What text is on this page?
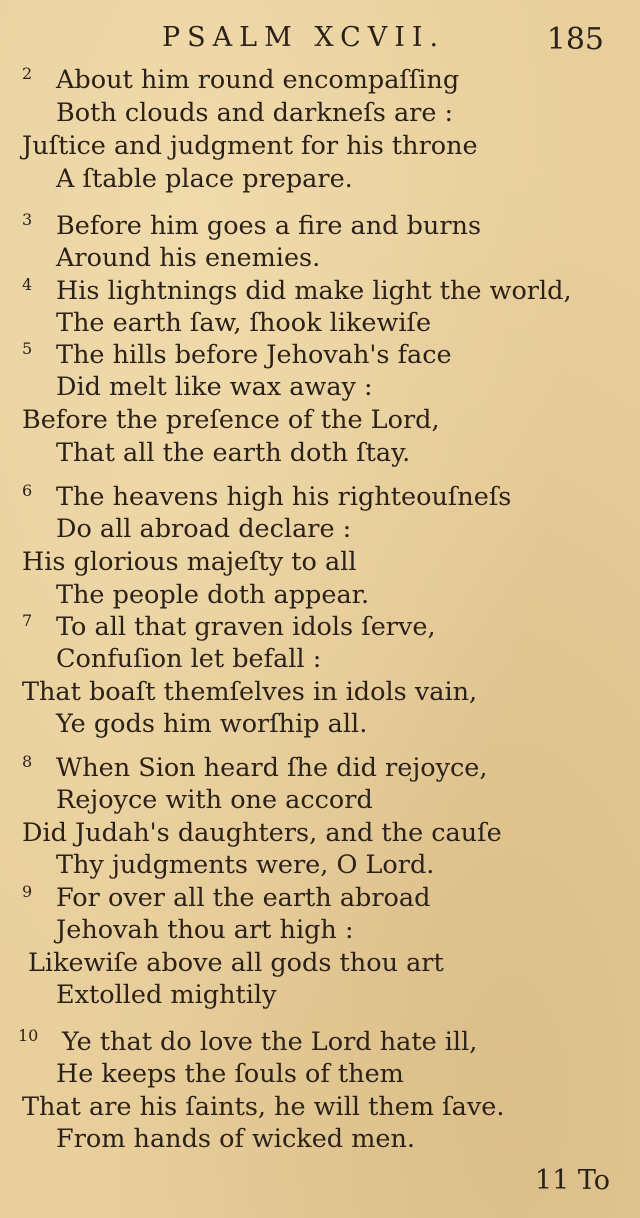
PSALM XCVII.	185
2 About him round encompaſſing
Both clouds and darkneſs are :
Juſtice and judgment for his throne
A ſtable place prepare.
3 Before him goes a fire and burns
Around his enemies.
4 His lightnings did make light the world,
The earth ſaw, ſhook likewiſe
5 The hills before Jehovah's face
Did melt like wax away :
Before the preſence of the Lord,
That all the earth doth ſtay.
6 The heavens high his righteouſneſs
Do all abroad declare :
His glorious majeſty to all
The people doth appear.
7 To all that graven idols ſerve,
Confuſion let befall :
That boaſt themſelves in idols vain,
Ye gods him worſhip all.
8 When Sion heard ſhe did rejoyce,
Rejoyce with one accord
Did Judah's daughters, and the cauſe
Thy judgments were, O Lord.
9 For over all the earth abroad
Jehovah thou art high :
Likewiſe above all gods thou art
Extolled mightily
10 Ye that do love the Lord hate ill,
He keeps the ſouls of them
That are his ſaints, he will them ſave.
From hands of wicked men.
11 To
